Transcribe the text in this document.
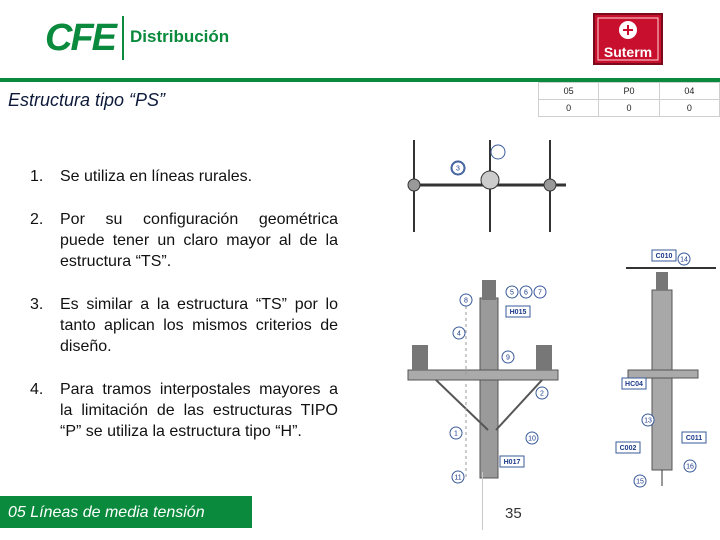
CFE Distribución
Suterm
Estructura tipo “PS”	05	P0	04
0	0	0
1.	Se utiliza en líneas rurales.
2.	Por su configuración geométrica puede tener un claro mayor al de la estructura “TS”.
3.	Es similar a la estructura “TS” por lo tanto aplican los mismos criterios de diseño.
4.	Para tramos interpostales mayores a la limitación de las estructuras TIPO “P” se utiliza la estructura tipo “H”.	1
2
3
4
5 6 7
8
9
10
11
13
14
15
16
H015
H017
C010
HC04
C002
C011
05 Líneas de media tensión	35
